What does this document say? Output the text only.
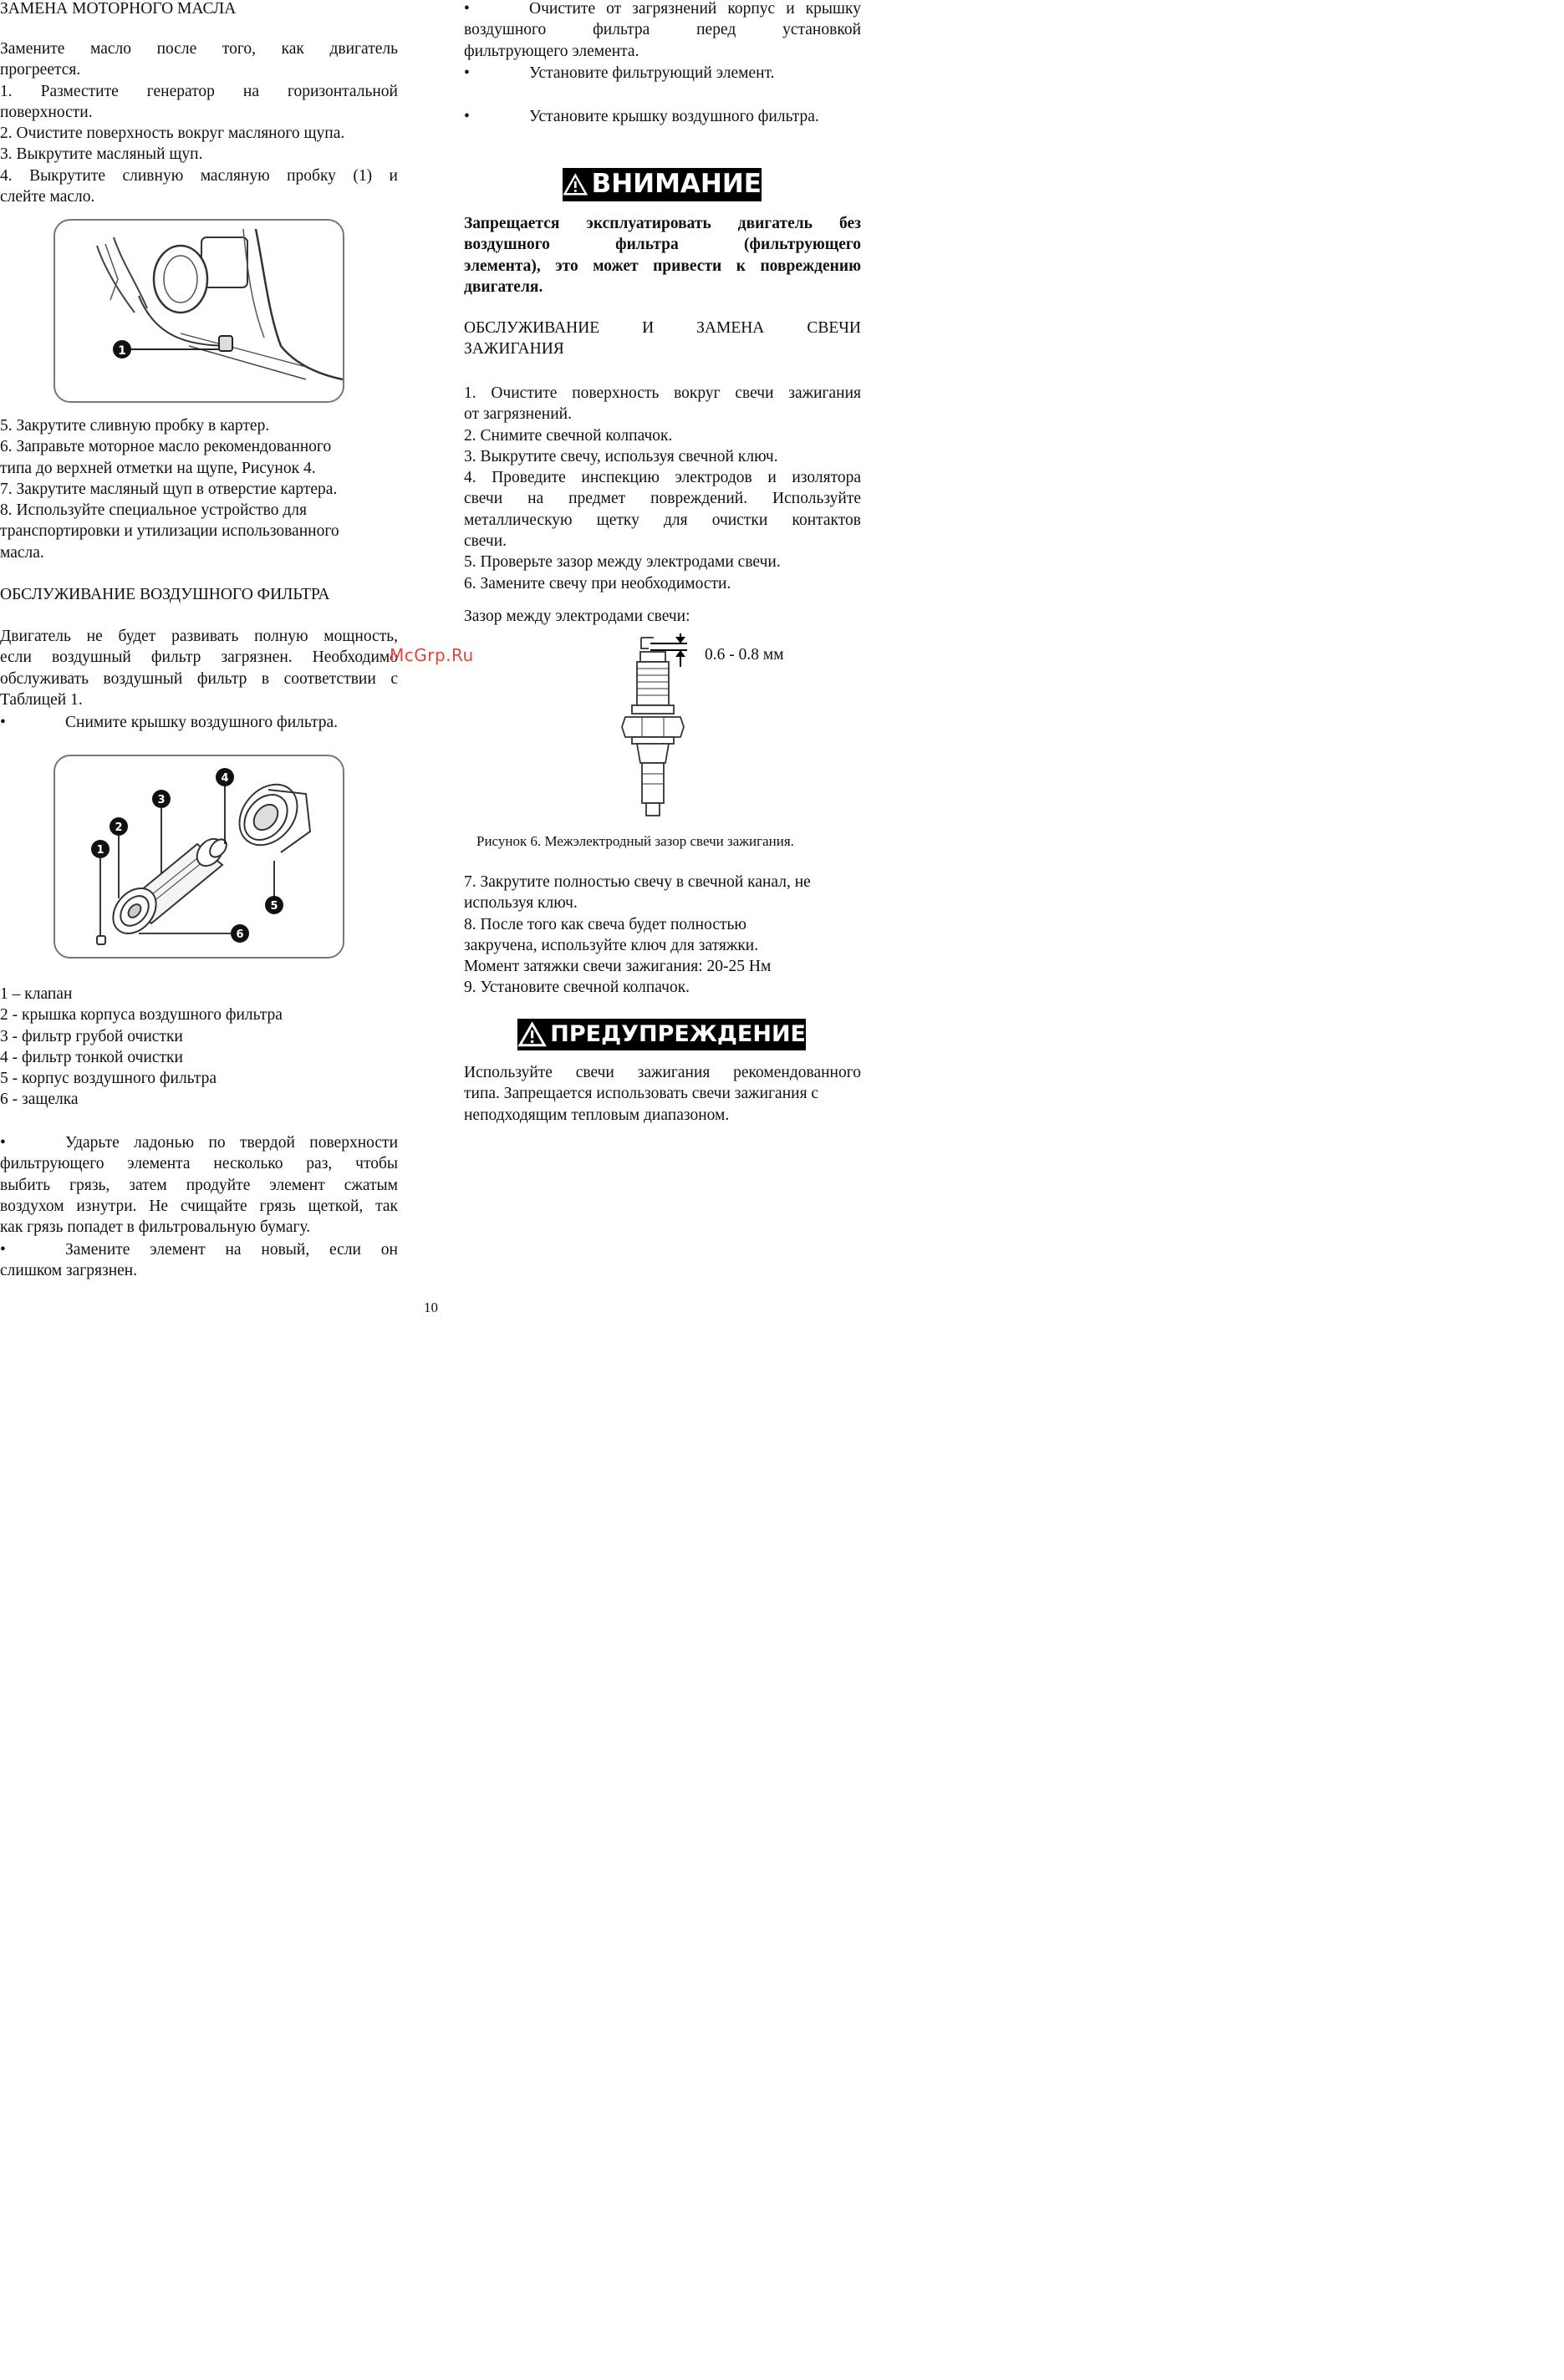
ЗАМЕНА МОТОРНОГО МАСЛА
Замените масло после того, как двигатель
прогреется.
1. Разместите генератор на горизонтальной
поверхности.
2. Очистите поверхность вокруг масляного щупа.
3. Выкрутите масляный щуп.
4. Выкрутите сливную масляную пробку (1) и
слейте масло.
1
5. Закрутите сливную пробку в картер.
6. Заправьте моторное масло рекомендованного
типа до верхней отметки на щупе, Рисунок 4.
7. Закрутите масляный щуп в отверстие картера.
8. Используйте специальное устройство для
транспортировки и утилизации использованного
масла.
ОБСЛУЖИВАНИЕ ВОЗДУШНОГО ФИЛЬТРА
Двигатель не будет развивать полную мощность,
если воздушный фильтр загрязнен. Необходимо
обслуживать воздушный фильтр в соответствии с
Таблицей 1.
•	Снимите крышку воздушного фильтра.
1
2
3
4
5
6
1 – клапан
2 - крышка корпуса воздушного фильтра
3 - фильтр грубой очистки
4 - фильтр тонкой очистки
5 - корпус воздушного фильтра
6 - защелка
•	Ударьте ладонью по твердой поверхности
фильтрующего элемента несколько раз, чтобы
выбить грязь, затем продуйте элемент сжатым
воздухом изнутри. Не счищайте грязь щеткой, так
как грязь попадет в фильтровальную бумагу.
•	Замените элемент на новый, если он
слишком загрязнен.
McGrp.Ru
•	Очистите от загрязнений корпус и крышку
воздушного фильтра перед установкой
фильтрующего элемента.
•	Установите фильтрующий элемент.
•	Установите крышку воздушного фильтра.
ВНИМАНИЕ
Запрещается эксплуатировать двигатель без
воздушного фильтра (фильтрующего
элемента), это может привести к повреждению
двигателя.
ОБСЛУЖИВАНИЕ И ЗАМЕНА СВЕЧИ
ЗАЖИГАНИЯ
1. Очистите поверхность вокруг свечи зажигания
от загрязнений.
2. Снимите свечной колпачок.
3. Выкрутите свечу, используя свечной ключ.
4. Проведите инспекцию электродов и изолятора
свечи на предмет повреждений. Используйте
металлическую щетку для очистки контактов
свечи.
5. Проверьте зазор между электродами свечи.
6. Замените свечу при необходимости.
Зазор между электродами свечи:
0.6 - 0.8 мм
Рисунок 6. Межэлектродный зазор свечи зажигания.
7. Закрутите полностью свечу в свечной канал, не
используя ключ.
8. После того как свеча будет полностью
закручена, используйте ключ для затяжки.
Момент затяжки свечи зажигания: 20-25 Нм
9. Установите свечной колпачок.
ПРЕДУПРЕЖДЕНИЕ
Используйте свечи зажигания рекомендованного
типа. Запрещается использовать свечи зажигания с
неподходящим тепловым диапазоном.
10
